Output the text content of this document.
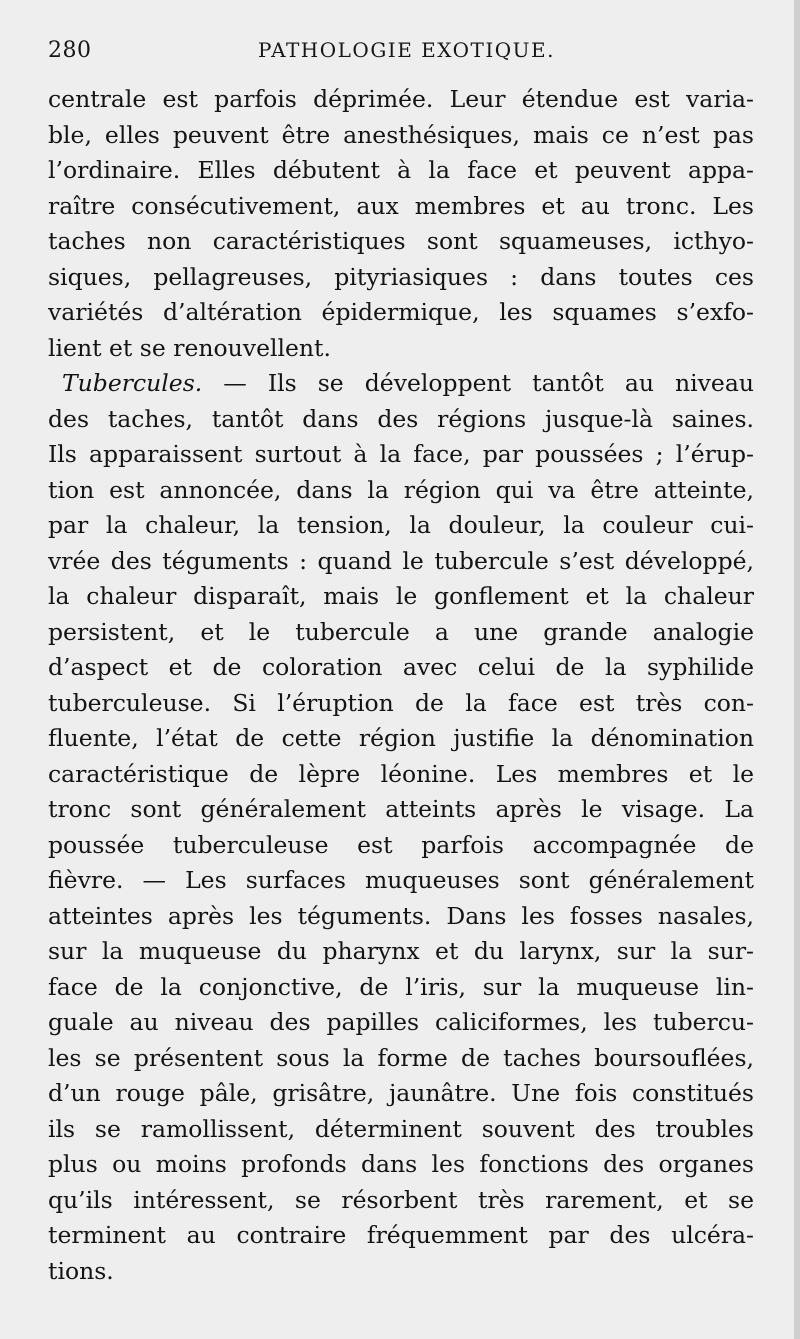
280	PATHOLOGIE EXOTIQUE.
centrale est parfois déprimée. Leur étendue est varia-
ble, elles peuvent être anesthésiques, mais ce n’est pas
l’ordinaire. Elles débutent à la face et peuvent appa-
raître consécutivement, aux membres et au tronc. Les
taches non caractéristiques sont squameuses, icthyo-
siques, pellagreuses, pityriasiques : dans toutes ces
variétés d’altération épidermique, les squames s’exfo-
lient et se renouvellent.
Tubercules. — Ils se développent tantôt au niveau
des taches, tantôt dans des régions jusque-là saines.
Ils apparaissent surtout à la face, par poussées ; l’érup-
tion est annoncée, dans la région qui va être atteinte,
par la chaleur, la tension, la douleur, la couleur cui-
vrée des téguments : quand le tubercule s’est développé,
la chaleur disparaît, mais le gonflement et la chaleur
persistent, et le tubercule a une grande analogie
d’aspect et de coloration avec celui de la syphilide
tuberculeuse. Si l’éruption de la face est très con-
fluente, l’état de cette région justifie la dénomination
caractéristique de lèpre léonine. Les membres et le
tronc sont généralement atteints après le visage. La
poussée tuberculeuse est parfois accompagnée de
fièvre. — Les surfaces muqueuses sont généralement
atteintes après les téguments. Dans les fosses nasales,
sur la muqueuse du pharynx et du larynx, sur la sur-
face de la conjonctive, de l’iris, sur la muqueuse lin-
guale au niveau des papilles caliciformes, les tubercu-
les se présentent sous la forme de taches boursouflées,
d’un rouge pâle, grisâtre, jaunâtre. Une fois constitués
ils se ramollissent, déterminent souvent des troubles
plus ou moins profonds dans les fonctions des organes
qu’ils intéressent, se résorbent très rarement, et se
terminent au contraire fréquemment par des ulcéra-
tions.
